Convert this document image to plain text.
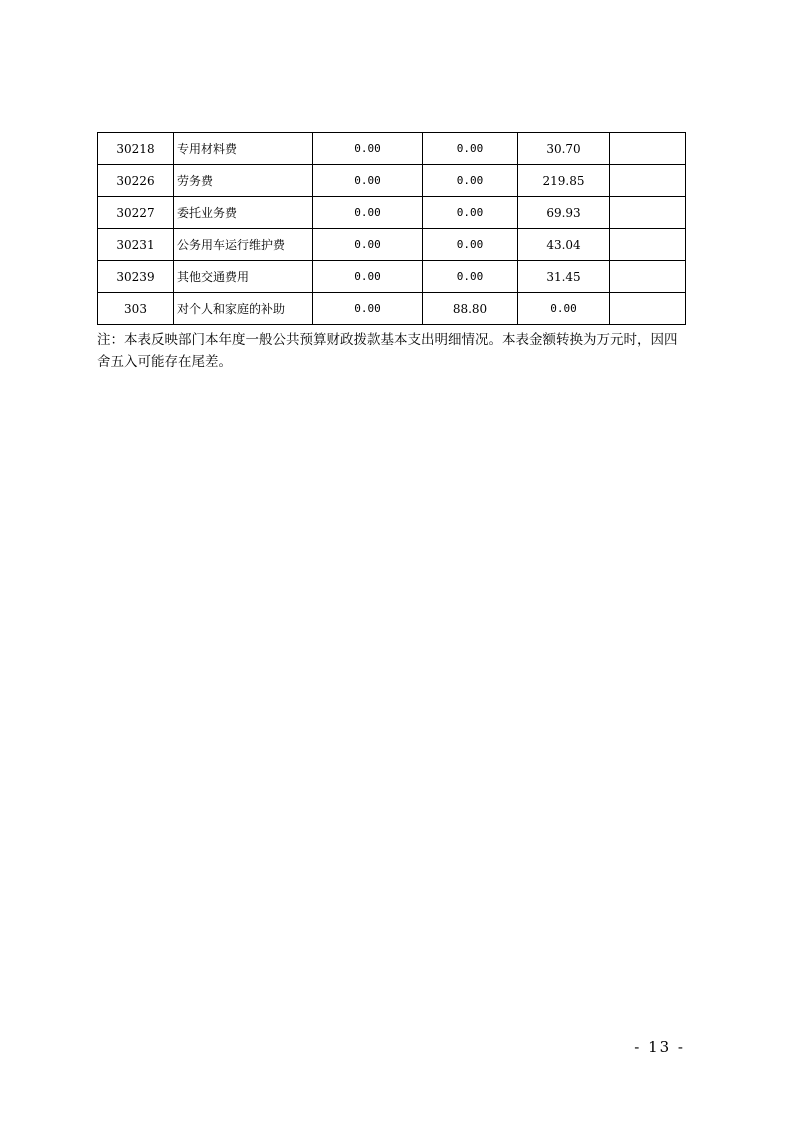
30218	专用材料费	0.00	0.00	30.70	
30226	劳务费	0.00	0.00	219.85	
30227	委托业务费	0.00	0.00	69.93	
30231	公务用车运行维护费	0.00	0.00	43.04	
30239	其他交通费用	0.00	0.00	31.45	
303	对个人和家庭的补助	0.00	88.80	0.00	

注：本表反映部门本年度一般公共预算财政拨款基本支出明细情况。本表金额转换为万元时，因四舍五入可能存在尾差。

- 13 -
